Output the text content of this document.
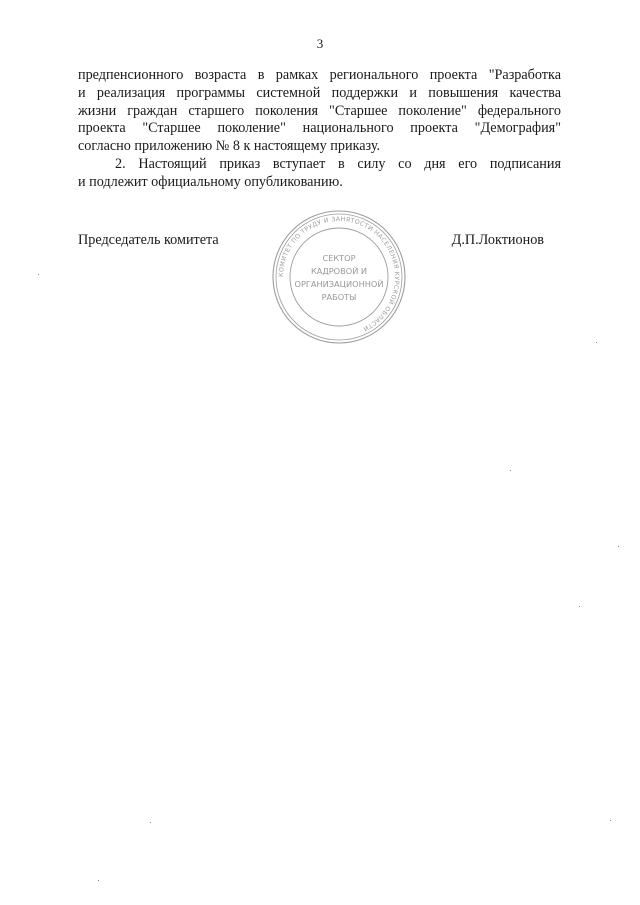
3
предпенсионного возраста в рамках регионального проекта "Разработка
и реализация программы системной поддержки и повышения качества
жизни граждан старшего поколения "Старшее поколение" федерального
проекта "Старшее поколение" национального проекта "Демография"
согласно приложению № 8 к настоящему приказу.
2. Настоящий приказ вступает в силу со дня его подписания
и подлежит официальному опубликованию.
Председатель комитета	Д.П.Локтионов
КОМИТЕТ ПО ТРУДУ И ЗАНЯТОСТИ НАСЕЛЕНИЯ КУРСКОЙ ОБЛАСТИ
СЕКТОР
КАДРОВОЙ И
ОРГАНИЗАЦИОННОЙ
РАБОТЫ
